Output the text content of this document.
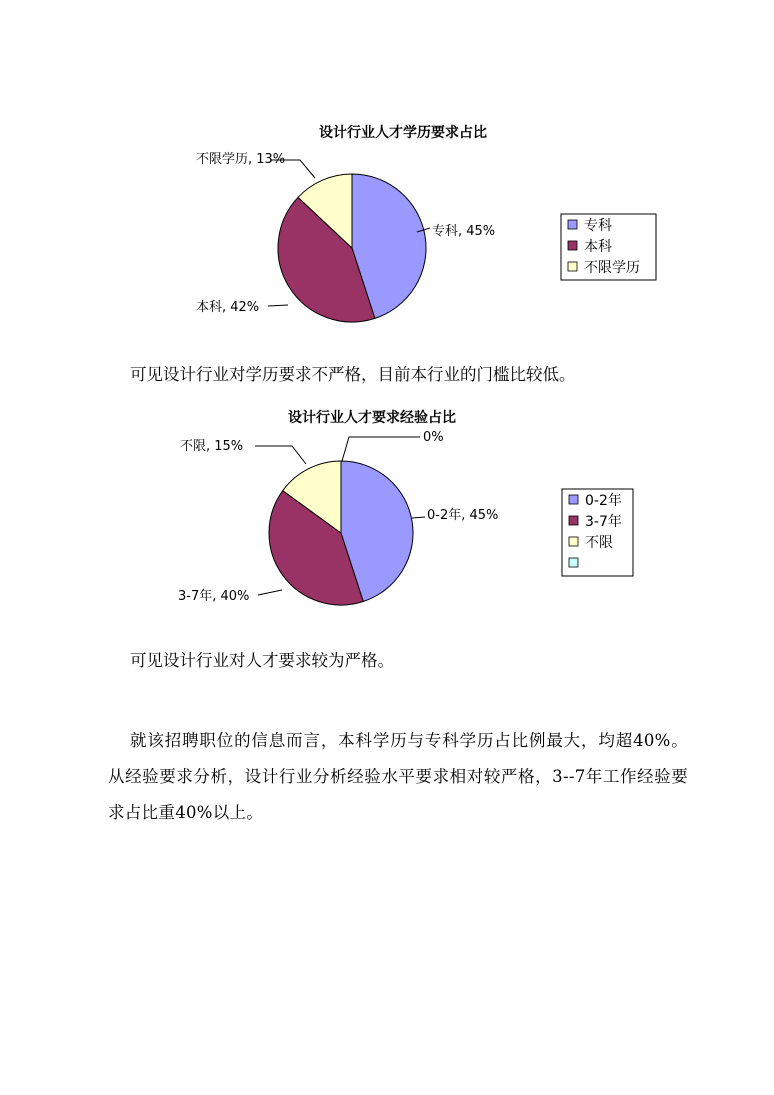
设计行业人才学历要求占比
专科, 45%
本科, 42%
不限学历, 13%
专科
本科
不限学历

可见设计行业对学历要求不严格，目前本行业的门槛比较低。

设计行业人才要求经验占比
0%
0-2年, 45%
3-7年, 40%
不限, 15%
0-2年
3-7年
不限

可见设计行业对人才要求较为严格。

就该招聘职位的信息而言，本科学历与专科学历占比例最大，均超40%。从经验要求分析，设计行业分析经验水平要求相对较严格，3--7年工作经验要求占比重40%以上。
